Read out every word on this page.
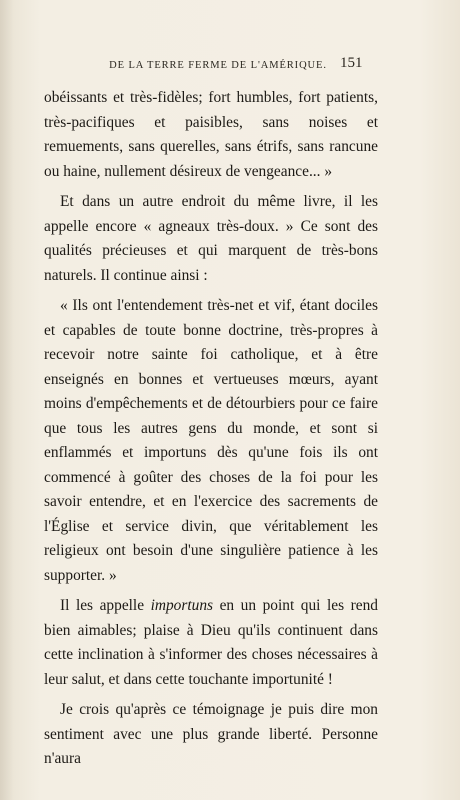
DE LA TERRE FERME DE L'AMÉRIQUE. 151

obéissants et très-fidèles; fort humbles, fort patients, très-pacifiques et paisibles, sans noises et remuements, sans querelles, sans étrifs, sans rancune ou haine, nullement désireux de vengeance... »

Et dans un autre endroit du même livre, il les appelle encore « agneaux très-doux. » Ce sont des qualités précieuses et qui marquent de très-bons naturels. Il continue ainsi :

« Ils ont l'entendement très-net et vif, étant dociles et capables de toute bonne doctrine, très-propres à recevoir notre sainte foi catholique, et à être enseignés en bonnes et vertueuses mœurs, ayant moins d'empêchements et de détourbiers pour ce faire que tous les autres gens du monde, et sont si enflammés et importuns dès qu'une fois ils ont commencé à goûter des choses de la foi pour les savoir entendre, et en l'exercice des sacrements de l'Église et service divin, que véritablement les religieux ont besoin d'une singulière patience à les supporter. »

Il les appelle importuns en un point qui les rend bien aimables; plaise à Dieu qu'ils continuent dans cette inclination à s'informer des choses nécessaires à leur salut, et dans cette touchante importunité !

Je crois qu'après ce témoignage je puis dire mon sentiment avec une plus grande liberté. Personne n'aura
